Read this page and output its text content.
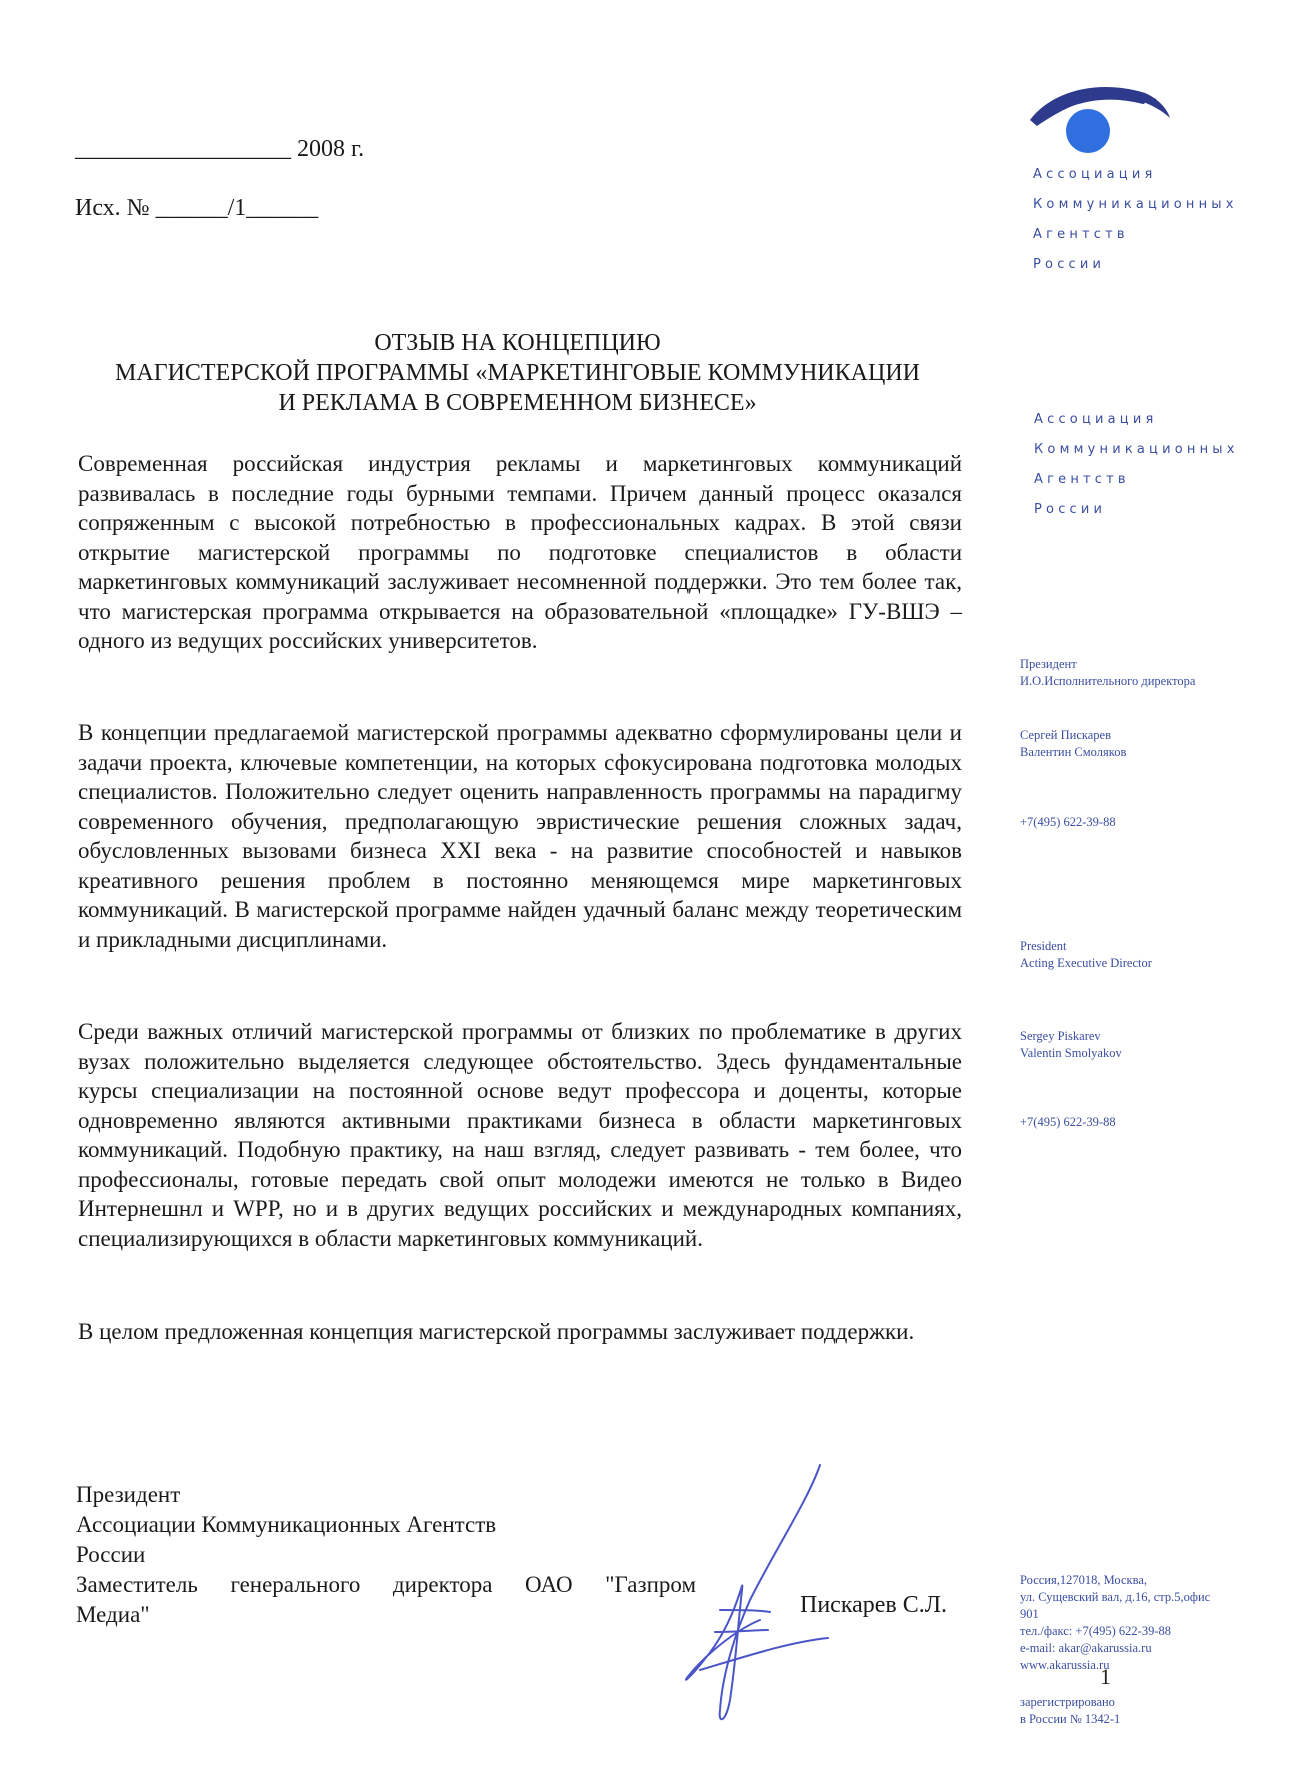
__________________ 2008 г.
Исх. № ______/1______
ОТЗЫВ НА КОНЦЕПЦИЮ
МАГИСТЕРСКОЙ ПРОГРАММЫ «МАРКЕТИНГОВЫЕ КОММУНИКАЦИИ
И РЕКЛАМА В СОВРЕМЕННОМ БИЗНЕСЕ»
Современная российская индустрия рекламы и маркетинговых коммуникаций развивалась в последние годы бурными темпами. Причем данный процесс оказался сопряженным с высокой потребностью в профессиональных кадрах. В этой связи открытие магистерской программы по подготовке специалистов в области маркетинговых коммуникаций заслуживает несомненной поддержки. Это тем более так, что магистерская программа открывается на образовательной «площадке» ГУ-ВШЭ – одного из ведущих российских университетов.
В концепции предлагаемой магистерской программы адекватно сформулированы цели и задачи проекта, ключевые компетенции, на которых сфокусирована подготовка молодых специалистов. Положительно следует оценить направленность программы на парадигму современного обучения, предполагающую эвристические решения сложных задач, обусловленных вызовами бизнеса XXI века - на развитие способностей и навыков креативного решения проблем в постоянно меняющемся мире маркетинговых коммуникаций. В магистерской программе найден удачный баланс между теоретическим и прикладными дисциплинами.
Среди важных отличий магистерской программы от близких по проблематике в других вузах положительно выделяется следующее обстоятельство. Здесь фундаментальные курсы специализации на постоянной основе ведут профессора и доценты, которые одновременно являются активными практиками бизнеса в области маркетинговых коммуникаций. Подобную практику, на наш взгляд, следует развивать - тем более, что профессионалы, готовые передать свой опыт молодежи имеются не только в Видео Интернешнл и WPP, но и в других ведущих российских и международных компаниях, специализирующихся в области маркетинговых коммуникаций.
В целом предложенная концепция магистерской программы заслуживает поддержки.
Президент
Ассоциации Коммуникационных Агентств
России
Заместитель генерального директора ОАО "Газпром
Медиа"	Пискарев С.Л.
Ассоциация
Коммуникационных
Агентств
России
Ассоциация
Коммуникационных
Агентств
России
Президент
И.О.Исполнительного директора
Сергей Пискарев
Валентин Смоляков
+7(495) 622-39-88
President
Acting Executive Director
Sergey Piskarev
Valentin Smolyakov
+7(495) 622-39-88
Россия,127018, Москва,
ул. Сущевский вал, д.16, стр.5,офис
901
тел./факс: +7(495) 622-39-88
e-mail: akar@akarussia.ru
www.akarussia.ru
1
зарегистрировано
в России № 1342-1
